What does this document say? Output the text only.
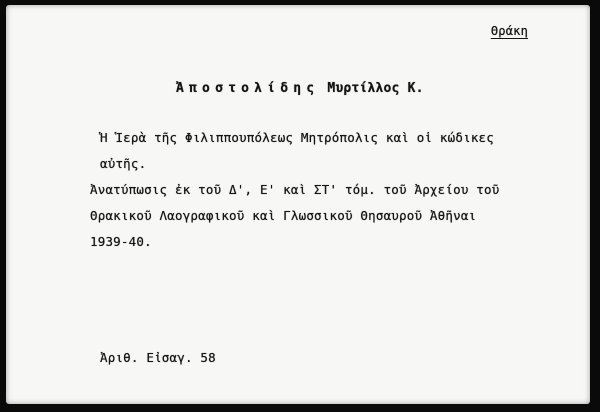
Θράκη

Ἀποστολίδης Μυρτίλλος Κ.

Ἡ Ἱερὰ τῆς Φιλιππουπόλεως Μητρόπολις καὶ οἱ κώδικες

αὐτῆς.

Ἀνατύπωσις ἐκ τοῦ Δ', Ε' καὶ ΣΤ' τόμ. τοῦ Ἀρχείου τοῦ

Θρακικοῦ Λαογραφικοῦ καὶ Γλωσσικοῦ Θησαυροῦ Ἀθῆναι

1939-40.

Ἀριθ. Εἰσαγ. 58
